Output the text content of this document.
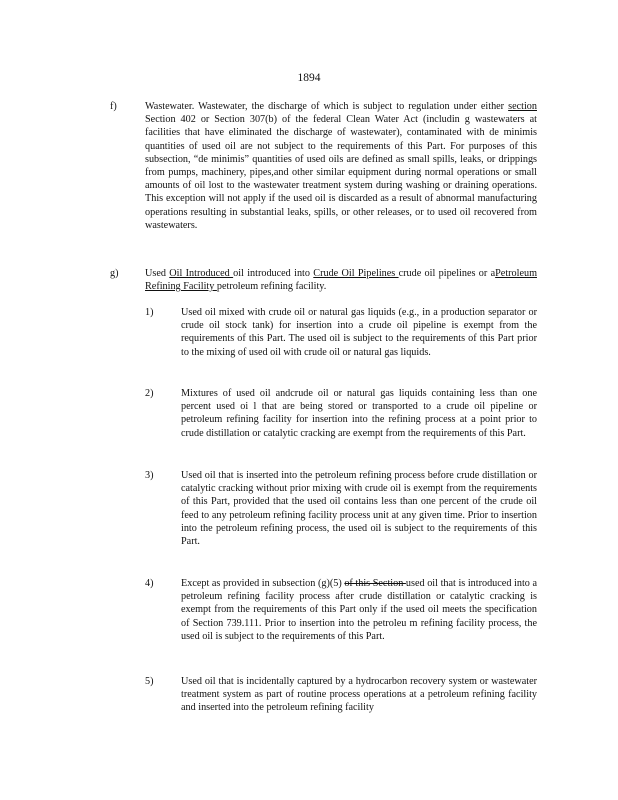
1894
f)	Wastewater. Wastewater, the discharge of which is subject to regulation under either section Section 402 or Section 307(b) of the federal Clean Water Act (includin g wastewaters at facilities that have eliminated the discharge of wastewater), contaminated with de minimis quantities of used oil are not subject to the requirements of this Part. For purposes of this subsection, “de minimis” quantities of used oils are defined as small spills, leaks, or drippings from pumps, machinery, pipes,and other similar equipment during normal operations or small amounts of oil lost to the wastewater treatment system during washing or draining operations. This exception will not apply if the used oil is discarded as a result of abnormal manufacturing operations resulting in substantial leaks, spills, or other releases, or to used oil recovered from wastewaters.
g)	Used Oil Introduced oil introduced into Crude Oil Pipelines crude oil pipelines or aPetroleum Refining Facility petroleum refining facility.
1)	Used oil mixed with crude oil or natural gas liquids (e.g., in a production separator or crude oil stock tank) for insertion into a crude oil pipeline is exempt from the requirements of this Part. The used oil is subject to the requirements of this Part prior to the mixing of used oil with crude oil or natural gas liquids.
2)	Mixtures of used oil andcrude oil or natural gas liquids containing less than one percent used oi l that are being stored or transported to a crude oil pipeline or petroleum refining facility for insertion into the refining process at a point prior to crude distillation or catalytic cracking are exempt from the requirements of this Part.
3)	Used oil that is inserted into the petroleum refining process before crude distillation or catalytic cracking without prior mixing with crude oil is exempt from the requirements of this Part, provided that the used oil contains less than one percent of the crude oil feed to any petroleum refining facility process unit at any given time. Prior to insertion into the petroleum refining process, the used oil is subject to the requirements of this Part.
4)	Except as provided in subsection (g)(5) of this Section used oil that is introduced into a petroleum refining facility process after crude distillation or catalytic cracking is exempt from the requirements of this Part only if the used oil meets the specification of Section 739.111. Prior to insertion into the petroleu m refining facility process, the used oil is subject to the requirements of this Part.
5)	Used oil that is incidentally captured by a hydrocarbon recovery system or wastewater treatment system as part of routine process operations at a petroleum refining facility and inserted into the petroleum refining facility
